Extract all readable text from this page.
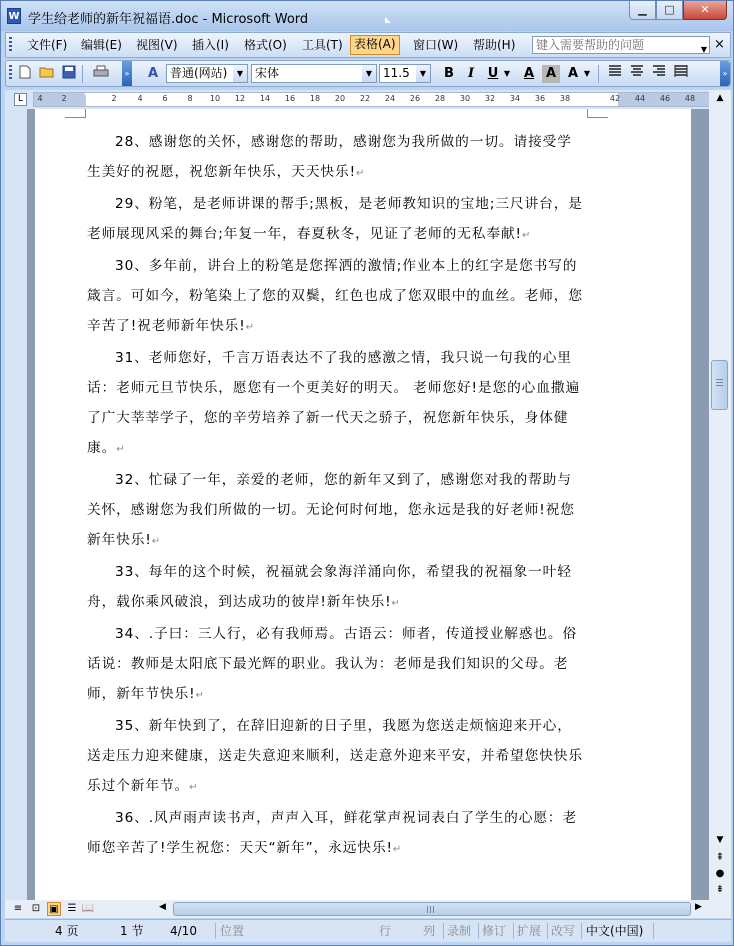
W 学生给老师的新年祝福语.doc - Microsoft Word
▁	□	✕
文件(F) 编辑(E) 视图(V) 插入(I) 格式(O) 工具(T) 表格(A)	窗口(W) 帮助(H)	键入需要帮助的问题	▼ ×
»	A 普通(网站)	▼ 宋体	▼ 11.5	▼	B	I	U ▼	A A A ▼	»
L	4 2	2	4 6 8 10 12 14 16 18 20 22 24 26 28 30 32 34 36 38	42 44 46 48

28、感谢您的关怀，感谢您的帮助，感谢您为我所做的一切。请接受学生美好的祝愿，祝您新年快乐，天天快乐!↵

29、粉笔，是老师讲课的帮手;黑板，是老师教知识的宝地;三尺讲台，是老师展现风采的舞台;年复一年，春夏秋冬，见证了老师的无私奉献!↵

30、多年前，讲台上的粉笔是您挥洒的激情;作业本上的红字是您书写的箴言。可如今，粉笔染上了您的双鬓，红色也成了您双眼中的血丝。老师，您辛苦了!祝老师新年快乐!↵

31、老师您好，千言万语表达不了我的感激之情，我只说一句我的心里话：老师元旦节快乐，愿您有一个更美好的明天。 老师您好!是您的心血撒遍了广大莘莘学子，您的辛劳培养了新一代天之骄子，祝您新年快乐，身体健康。↵

32、忙碌了一年，亲爱的老师，您的新年又到了，感谢您对我的帮助与关怀，感谢您为我们所做的一切。无论何时何地，您永远是我的好老师!祝您新年快乐!↵

33、每年的这个时候，祝福就会象海洋涌向你，希望我的祝福象一叶轻舟，载你乘风破浪，到达成功的彼岸!新年快乐!↵

34、.子曰：三人行，必有我师焉。古语云：师者，传道授业解惑也。俗话说：教师是太阳底下最光辉的职业。我认为：老师是我们知识的父母。老师，新年节快乐!↵

35、新年快到了，在辞旧迎新的日子里，我愿为您送走烦恼迎来开心，送走压力迎来健康，送走失意迎来顺利，送走意外迎来平安，并希望您快快乐乐过个新年节。↵

36、.风声雨声读书声，声声入耳，鲜花掌声祝词表白了学生的心愿：老师您辛苦了!学生祝您：天天“新年”，永远快乐!↵

▲
▼
⇞
●
⇟
≡ ⊡ ▣ ☰ 📖	◀	▶
4 页	1 节 4/10 位置	行	列 录制 修订 扩展 改写 中文(中国)
